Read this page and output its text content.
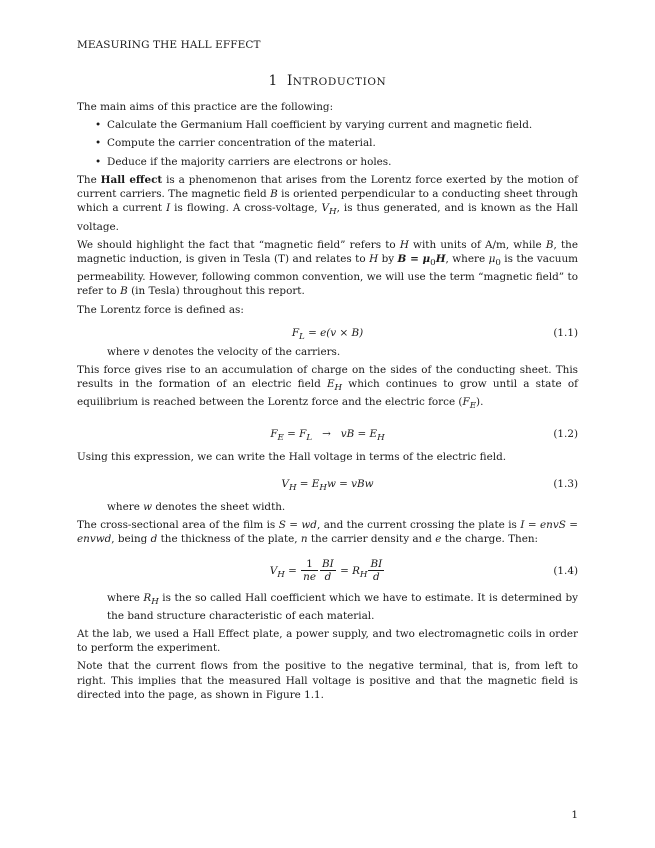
MEASURING THE HALL EFFECT
1 INTRODUCTION

The main aims of this practice are the following:

• Calculate the Germanium Hall coefficient by varying current and magnetic field.
• Compute the carrier concentration of the material.
• Deduce if the majority carriers are electrons or holes.

The Hall effect is a phenomenon that arises from the Lorentz force exerted by the motion of current carriers. The magnetic field B is oriented perpendicular to a conducting sheet through which a current I is flowing. A cross-voltage, $V_H$, is thus generated, and is known as the Hall voltage.

We should highlight the fact that “magnetic field” refers to H with units of A/m, while B, the magnetic induction, is given in Tesla (T) and relates to H by $B = \mu_0H$, where $\mu_0$ is the vacuum permeability. However, following common convention, we will use the term “magnetic field” to refer to B (in Tesla) throughout this report.

The Lorentz force is defined as:

$F_L = e(v \times B)$	(1.1)

where v denotes the velocity of the carriers.

This force gives rise to an accumulation of charge on the sides of the conducting sheet. This results in the formation of an electric field $E_H$ which continues to grow until a state of equilibrium is reached between the Lorentz force and the electric force $(F_E)$.

$F_E = F_L$ → vB = $E_H$	(1.2)

Using this expression, we can write the Hall voltage in terms of the electric field.

$V_H = E_Hw$ = vBw	(1.3)

where w denotes the sheet width.

The cross-sectional area of the film is S = wd, and the current crossing the plate is I = envS = envwd, being d the thickness of the plate, n the carrier density and e the charge. Then:

$V_H = \frac{1}{ne} \frac{BI}{d} = R_H \frac{BI}{d}$	(1.4)

where $R_H$ is the so called Hall coefficient which we have to estimate. It is determined by the band structure characteristic of each material.

At the lab, we used a Hall Effect plate, a power supply, and two electromagnetic coils in order to perform the experiment.

Note that the current flows from the positive to the negative terminal, that is, from left to right. This implies that the measured Hall voltage is positive and that the magnetic field is directed into the page, as shown in Figure 1.1.

1
